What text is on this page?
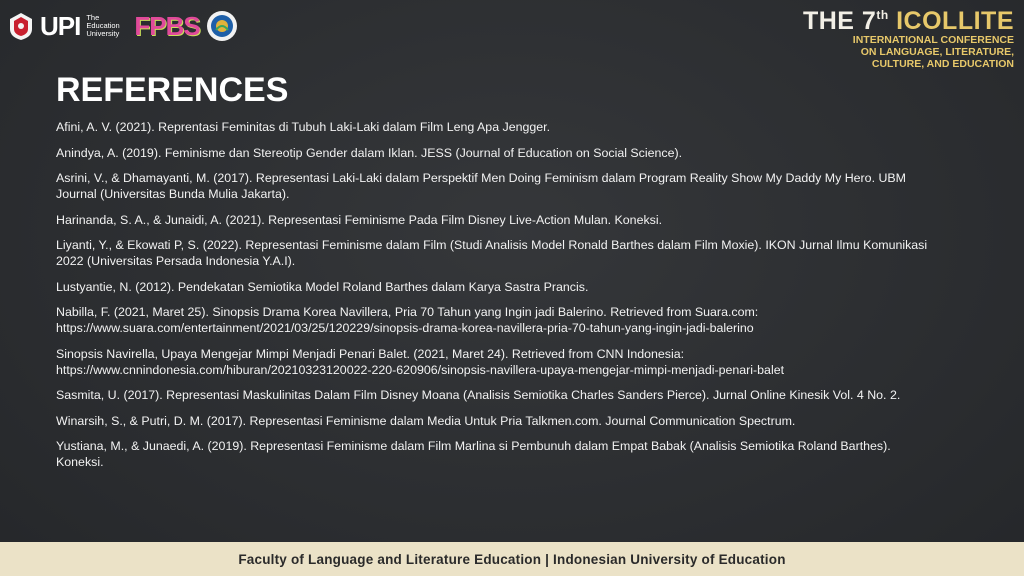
UPI The Education University FPBS	THE 7th ICOLLITE
INTERNATIONAL CONFERENCE
ON LANGUAGE, LITERATURE,
CULTURE, AND EDUCATION
REFERENCES
Afini, A. V. (2021). Reprentasi Feminitas di Tubuh Laki-Laki dalam Film Leng Apa Jengger.
Anindya, A. (2019). Feminisme dan Stereotip Gender dalam Iklan. JESS (Journal of Education on Social Science).
Asrini, V., & Dhamayanti, M. (2017). Representasi Laki-Laki dalam Perspektif Men Doing Feminism dalam Program Reality Show My Daddy My Hero. UBM Journal (Universitas Bunda Mulia Jakarta).
Harinanda, S. A., & Junaidi, A. (2021). Representasi Feminisme Pada Film Disney Live-Action Mulan. Koneksi.
Liyanti, Y., & Ekowati P, S. (2022). Representasi Feminisme dalam Film (Studi Analisis Model Ronald Barthes dalam Film Moxie). IKON Jurnal Ilmu Komunikasi 2022 (Universitas Persada Indonesia Y.A.I).
Lustyantie, N. (2012). Pendekatan Semiotika Model Roland Barthes dalam Karya Sastra Prancis.
Nabilla, F. (2021, Maret 25). Sinopsis Drama Korea Navillera, Pria 70 Tahun yang Ingin jadi Balerino. Retrieved from Suara.com: https://www.suara.com/entertainment/2021/03/25/120229/sinopsis-drama-korea-navillera-pria-70-tahun-yang-ingin-jadi-balerino
Sinopsis Navirella, Upaya Mengejar Mimpi Menjadi Penari Balet. (2021, Maret 24). Retrieved from CNN Indonesia: https://www.cnnindonesia.com/hiburan/20210323120022-220-620906/sinopsis-navillera-upaya-mengejar-mimpi-menjadi-penari-balet
Sasmita, U. (2017). Representasi Maskulinitas Dalam Film Disney Moana (Analisis Semiotika Charles Sanders Pierce). Jurnal Online Kinesik Vol. 4 No. 2.
Winarsih, S., & Putri, D. M. (2017). Representasi Feminisme dalam Media Untuk Pria Talkmen.com. Journal Communication Spectrum.
Yustiana, M., & Junaedi, A. (2019). Representasi Feminisme dalam Film Marlina si Pembunuh dalam Empat Babak (Analisis Semiotika Roland Barthes). Koneksi.
Faculty of Language and Literature Education | Indonesian University of Education
